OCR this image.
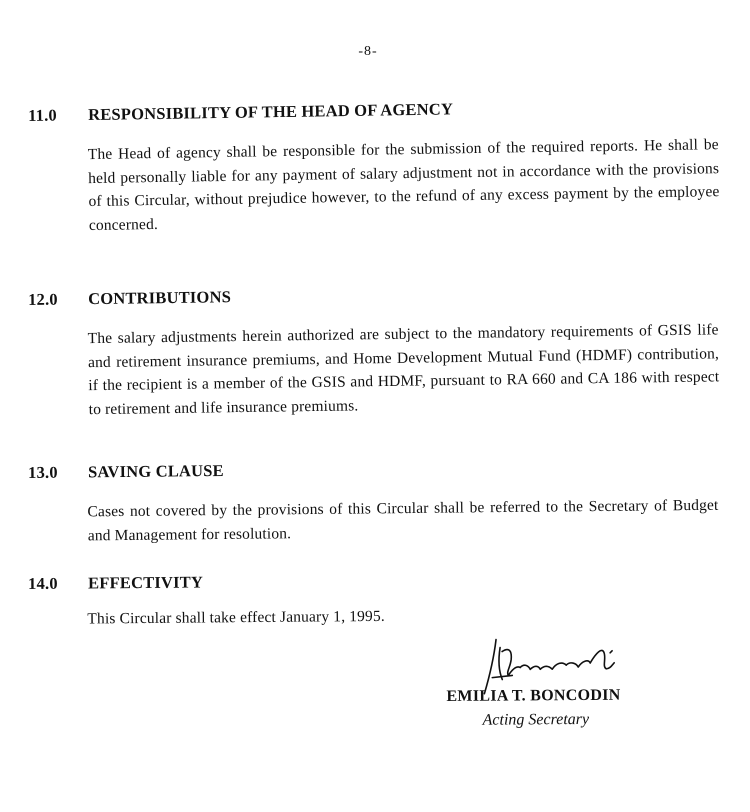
-8-
11.0	RESPONSIBILITY OF THE HEAD OF AGENCY
The Head of agency shall be responsible for the submission of the required reports. He shall be held personally liable for any payment of salary adjustment not in accordance with the provisions of this Circular, without prejudice however, to the refund of any excess payment by the employee concerned.
12.0	CONTRIBUTIONS
The salary adjustments herein authorized are subject to the mandatory requirements of GSIS life and retirement insurance premiums, and Home Development Mutual Fund (HDMF) contribution, if the recipient is a member of the GSIS and HDMF, pursuant to RA 660 and CA 186 with respect to retirement and life insurance premiums.
13.0	SAVING CLAUSE
Cases not covered by the provisions of this Circular shall be referred to the Secretary of Budget and Management for resolution.
14.0	EFFECTIVITY
This Circular shall take effect January 1, 1995.
EMILIA T. BONCODIN
Acting Secretary
